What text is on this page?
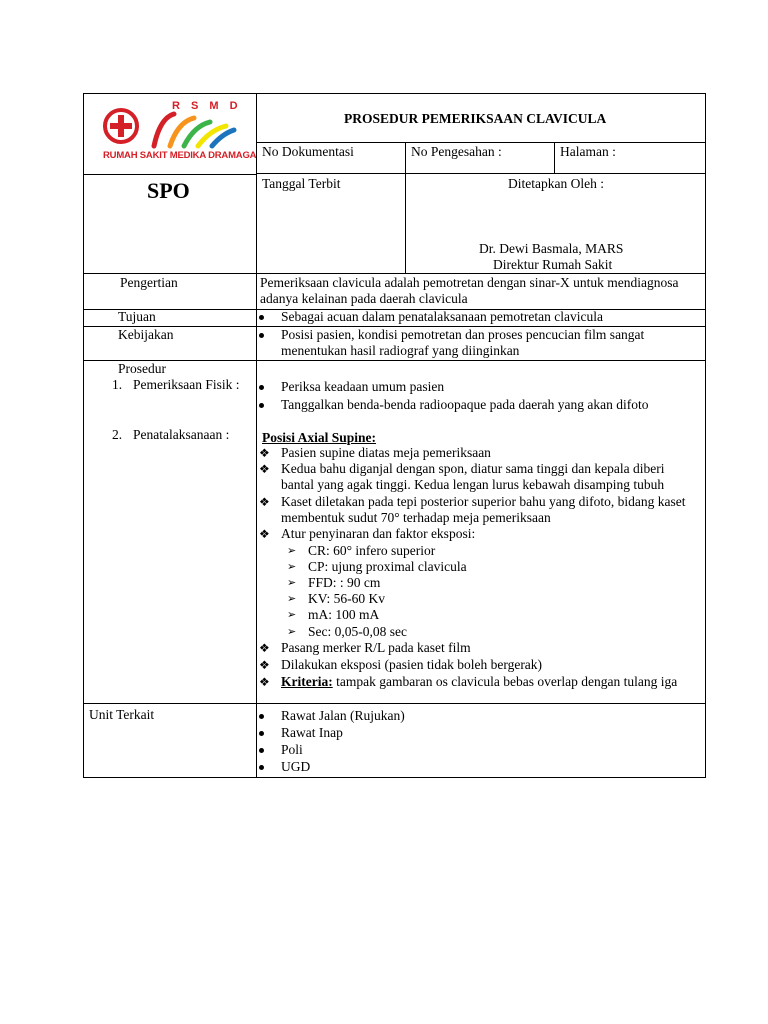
R S M D
RUMAH SAKIT MEDIKA DRAMAGA
PROSEDUR PEMERIKSAAN CLAVICULA
No Dokumentasi	No Pengesahan :	Halaman :
SPO	Tanggal Terbit	Ditetapkan Oleh :
Dr. Dewi Basmala, MARS
Direktur Rumah Sakit
Pengertian	Pemeriksaan clavicula adalah pemotretan dengan sinar-X untuk mendiagnosa
adanya kelainan pada daerah clavicula
Tujuan	Sebagai acuan dalam penatalaksanaan pemotretan clavicula
Kebijakan	Posisi pasien, kondisi pemotretan dan proses pencucian film sangat
menentukan hasil radiograf yang diinginkan
Prosedur
1. Pemeriksaan Fisik :	Periksa keadaan umum pasien
Tanggalkan benda-benda radioopaque pada daerah yang akan difoto
2. Penatalaksanaan : Posisi Axial Supine:
❖ Pasien supine diatas meja pemeriksaan
❖ Kedua bahu diganjal dengan spon, diatur sama tinggi dan kepala diberi
bantal yang agak tinggi. Kedua lengan lurus kebawah disamping tubuh
❖ Kaset diletakan pada tepi posterior superior bahu yang difoto, bidang kaset
membentuk sudut 70° terhadap meja pemeriksaan
❖ Atur penyinaran dan faktor eksposi:
➢ CR: 60° infero superior
➢ CP: ujung proximal clavicula
➢ FFD: : 90 cm
➢ KV: 56-60 Kv
➢ mA: 100 mA
➢ Sec: 0,05-0,08 sec
❖ Pasang merker R/L pada kaset film
❖ Dilakukan eksposi (pasien tidak boleh bergerak)
❖ Kriteria: tampak gambaran os clavicula bebas overlap dengan tulang iga
Unit Terkait	Rawat Jalan (Rujukan)
Rawat Inap
Poli
UGD
